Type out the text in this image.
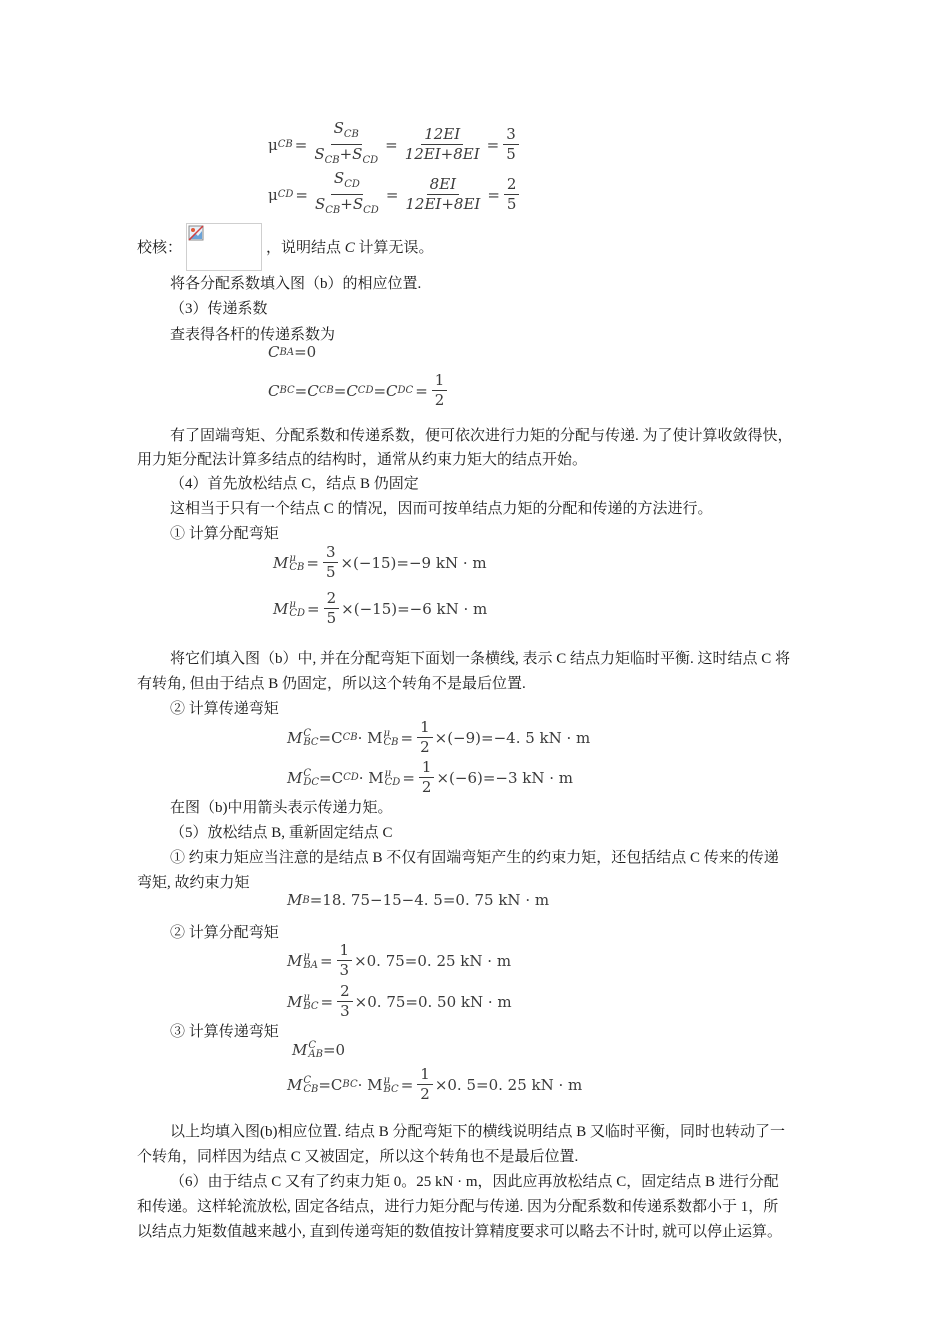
μ CB = $\frac{S_{CB}}{S_{CB}+S_{CD}} = \frac{12EI}{12EI+8EI} = \frac{3}{5}$
μ CD = $\frac{S_{CD}}{S_{CB}+S_{CD}} = \frac{8EI}{12EI+8EI} = \frac{2}{5}$
校核：	，说明结点 C 计算无误。
将各分配系数填入图（b）的相应位置.
（3）传递系数
查表得各杆的传递系数为
C BA =0
C BC = C CB = C CD = C DC = $\frac{1}{2}$
有了固端弯矩、分配系数和传递系数，便可依次进行力矩的分配与传递. 为了使计算收敛得快，
用力矩分配法计算多结点的结构时，通常从约束力矩大的结点开始。
（4）首先放松结点 C，结点 B 仍固定
这相当于只有一个结点 C 的情况，因而可按单结点力矩的分配和传递的方法进行。
① 计算分配弯矩
M μ
CB = $\frac{3}{5} \times(-15)=-9$ kN · m
M μ
CD = $\frac{2}{5} \times(-15)=-6$ kN · m
将它们填入图（b）中, 并在分配弯矩下面划一条横线, 表示 C 结点力矩临时平衡. 这时结点 C 将
有转角, 但由于结点 B 仍固定，所以这个转角不是最后位置.
② 计算传递弯矩
M C
BC =C CB · M μ
CB = $\frac{1}{2} \times(-9)=-4$. 5 kN · m
M C
DC =C CD · M μ
CD = $\frac{1}{2} \times(-6)=-3$ kN · m
在图（b)中用箭头表示传递力矩。
（5）放松结点 B, 重新固定结点 C
① 约束力矩应当注意的是结点 B 不仅有固端弯矩产生的约束力矩，还包括结点 C 传来的传递
弯矩, 故约束力矩
M B =18. 75−15−4. 5=0. 75 kN · m
② 计算分配弯矩
M μ
BA = $\frac{1}{3} \times 0$. 75=0. 25 kN · m
M μ
BC = $\frac{2}{3} \times 0$. 75=0. 50 kN · m
③ 计算传递弯矩
M C
AB =0
M C
CB =C BC · M μ
BC = $\frac{1}{2} \times 0$. 5=0. 25 kN · m
以上均填入图(b)相应位置. 结点 B 分配弯矩下的横线说明结点 B 又临时平衡，同时也转动了一
个转角，同样因为结点 C 又被固定，所以这个转角也不是最后位置.
（6）由于结点 C 又有了约束力矩 0。25 kN · m，因此应再放松结点 C，固定结点 B 进行分配
和传递。这样轮流放松, 固定各结点，进行力矩分配与传递. 因为分配系数和传递系数都小于 1，所
以结点力矩数值越来越小, 直到传递弯矩的数值按计算精度要求可以略去不计时, 就可以停止运算。
